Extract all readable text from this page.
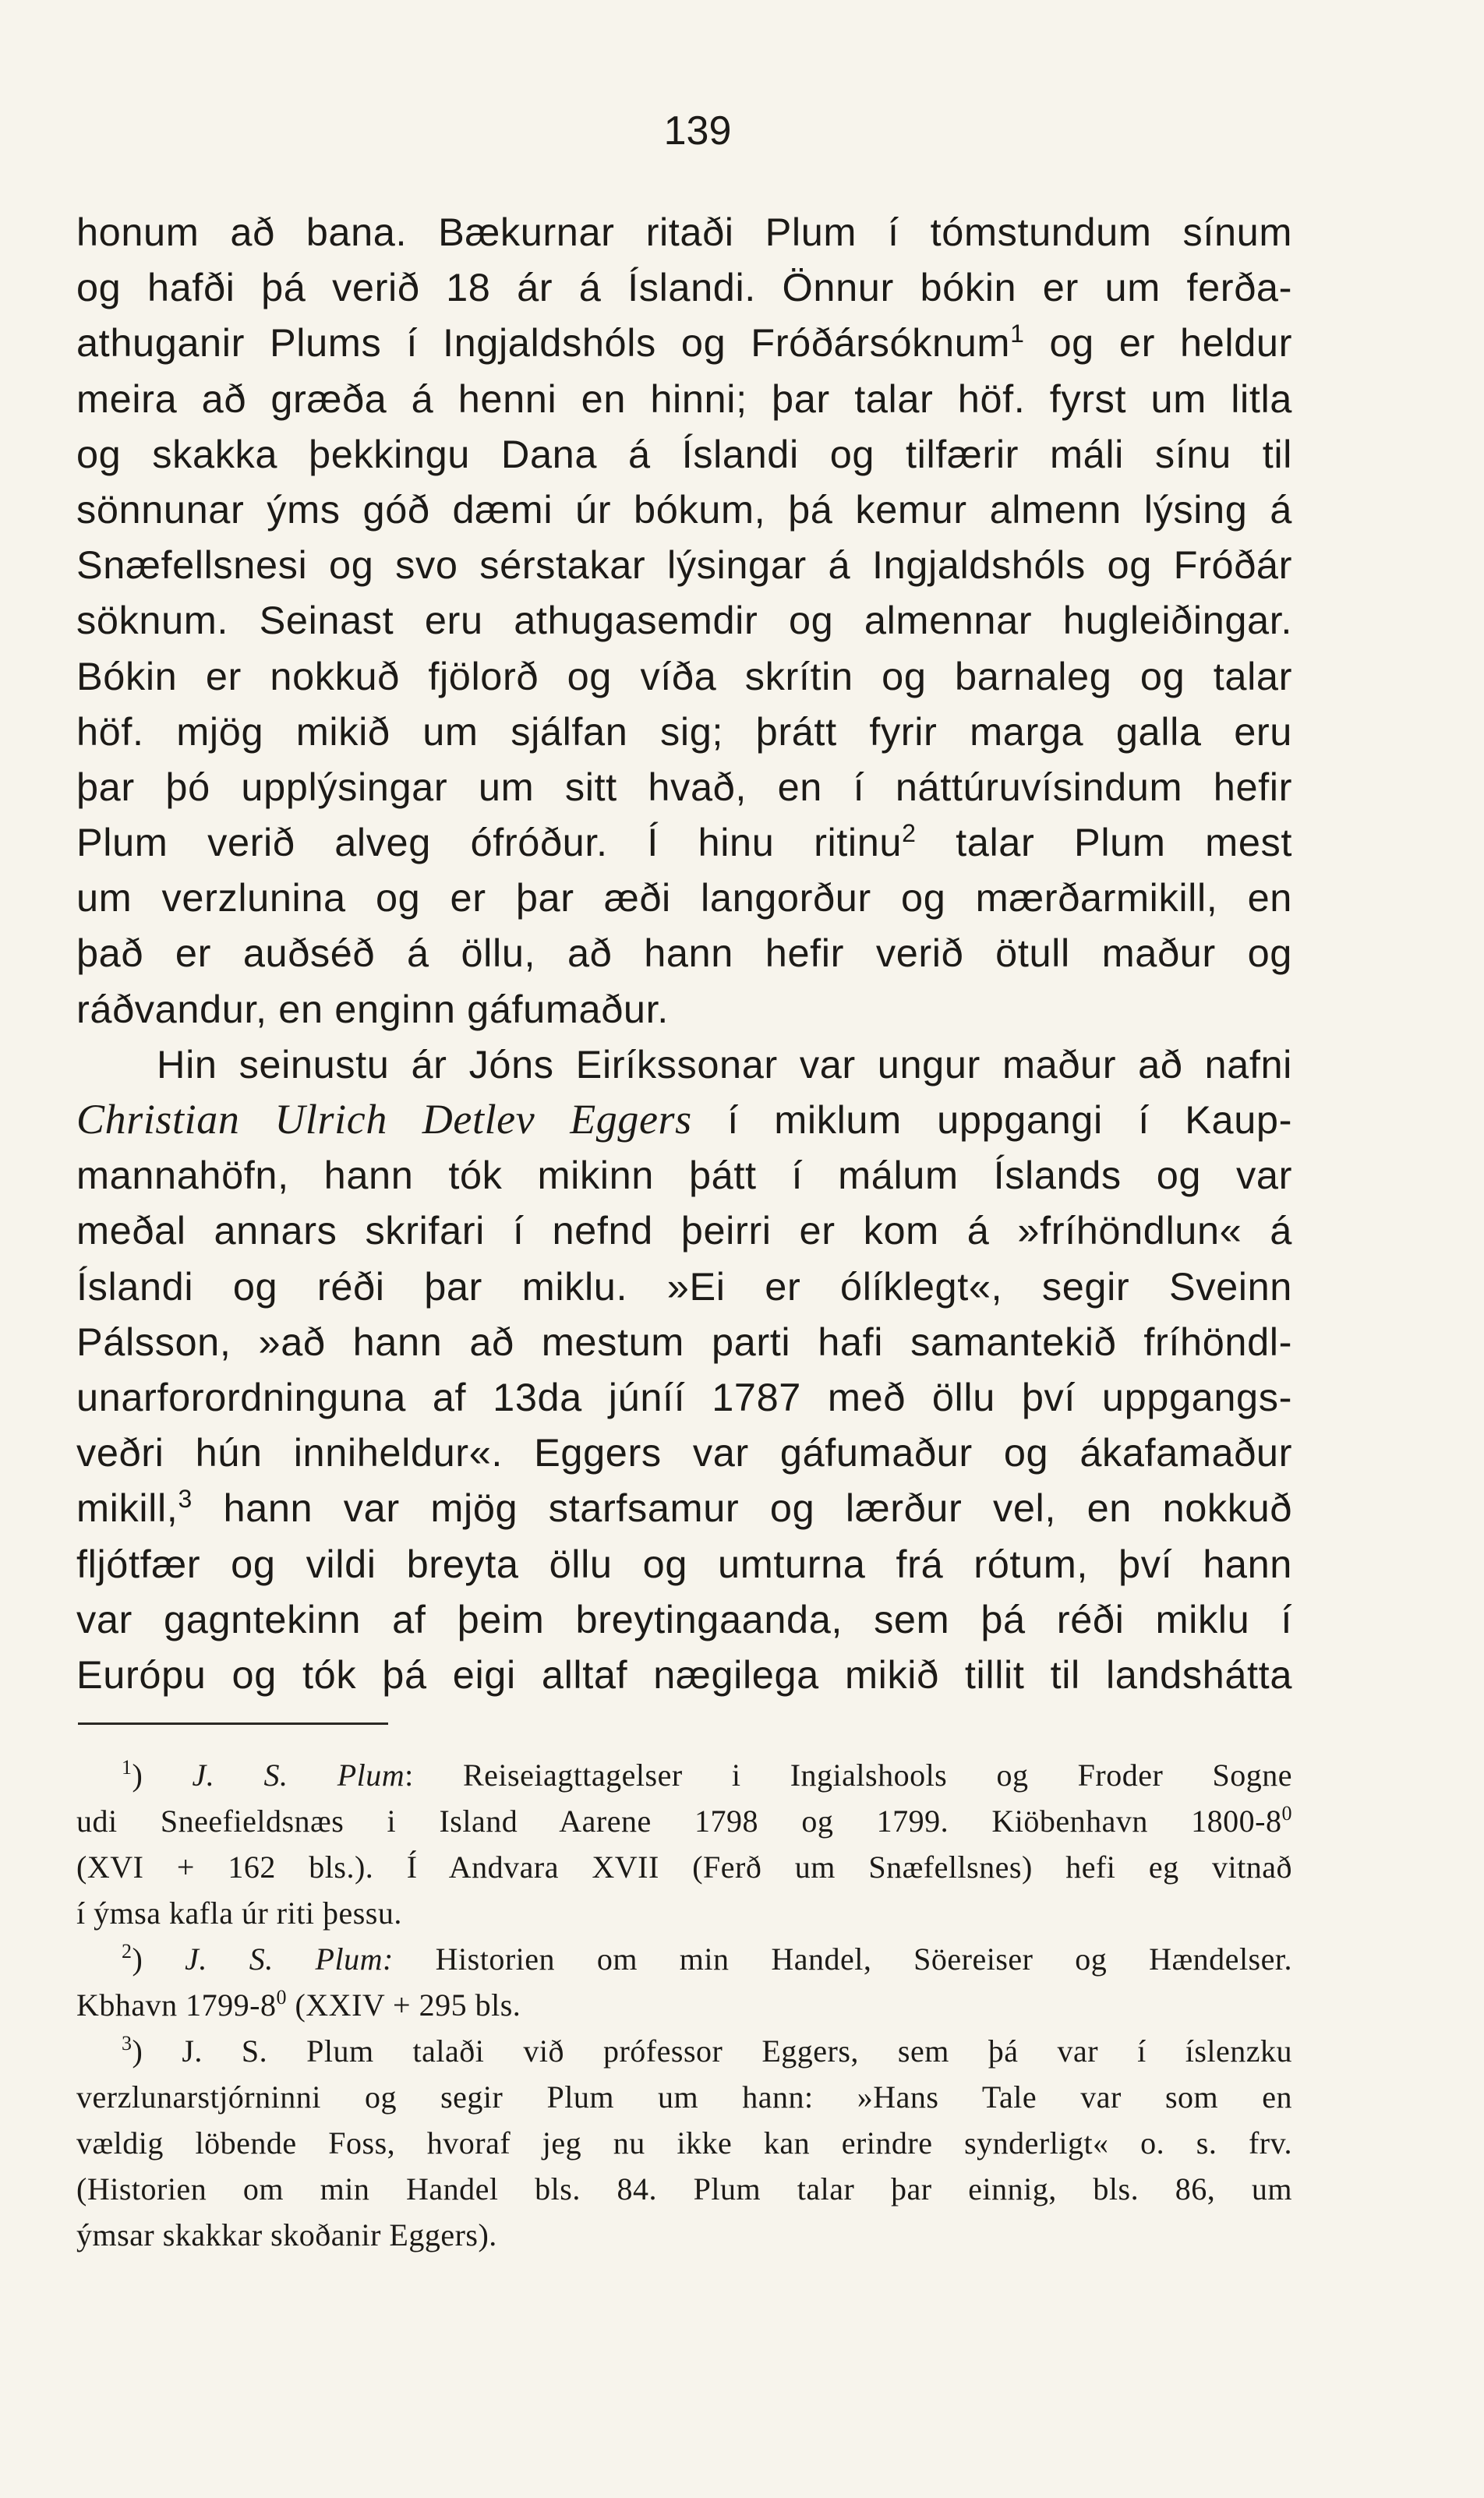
139
honum að bana. Bækurnar ritaði Plum í tómstundum sínum
og hafði þá verið 18 ár á Íslandi. Önnur bókin er um ferða-
athuganir Plums í Ingjaldshóls og Fróðársóknum$^1$ og er heldur
meira að græða á henni en hinni; þar talar höf. fyrst um litla
og skakka þekkingu Dana á Íslandi og tilfærir máli sínu til
sönnunar ýms góð dæmi úr bókum, þá kemur almenn lýsing á
Snæfellsnesi og svo sérstakar lýsingar á Ingjaldshóls og Fróðár
söknum. Seinast eru athugasemdir og almennar hugleiðingar.
Bókin er nokkuð fjölorð og víða skrítin og barnaleg og talar
höf. mjög mikið um sjálfan sig; þrátt fyrir marga galla eru
þar þó upplýsingar um sitt hvað, en í náttúruvísindum hefir
Plum verið alveg ófróður. Í hinu ritinu$^2$ talar Plum mest
um verzlunina og er þar æði langorður og mærðarmikill, en
það er auðséð á öllu, að hann hefir verið ötull maður og
ráðvandur, en enginn gáfumaður.
Hin seinustu ár Jóns Eiríkssonar var ungur maður að nafni
Christian Ulrich Detlev Eggers í miklum uppgangi í Kaup-
mannahöfn, hann tók mikinn þátt í málum Íslands og var
meðal annars skrifari í nefnd þeirri er kom á »fríhöndlun« á
Íslandi og réði þar miklu. »Ei er ólíklegt«, segir Sveinn
Pálsson, »að hann að mestum parti hafi samantekið fríhöndl-
unarforordninguna af 13da júníí 1787 með öllu því uppgangs-
veðri hún inniheldur«. Eggers var gáfumaður og ákafamaður
mikill,$^3$ hann var mjög starfsamur og lærður vel, en nokkuð
fljótfær og vildi breyta öllu og umturna frá rótum, því hann
var gagntekinn af þeim breytingaanda, sem þá réði miklu í
Európu og tók þá eigi alltaf nægilega mikið tillit til landsháttа
$^1$) J. S. Plum: Reiseiagttagelser i Ingialshools og Froder Sogne
udi Sneefieldsnæs i Island Aarene 1798 og 1799. Kiöbenhavn $1800-8^0$
(XVI + 162 bls.). Í Andvara XVII (Ferð um Snæfellsnes) hefi eg vitnað
í ýmsa kafla úr riti þessu.
$^2$) J. S. Plum: Historien om min Handel, Söereiser og Hændelser.
Kbhavn $1799-8^0$ (XXIV + 295 bls.
$^3$) J. S. Plum talaði við prófessor Eggers, sem þá var í íslenzku
verzlunarstjórninni og segir Plum um hann: »Hans Tale var som en
vældig löbende Foss, hvoraf jeg nu ikke kan erindre synderligt« o. s. frv.
(Historien om min Handel bls. 84. Plum talar þar einnig, bls. 86, um
ýmsar skakkar skoðanir Eggers).
